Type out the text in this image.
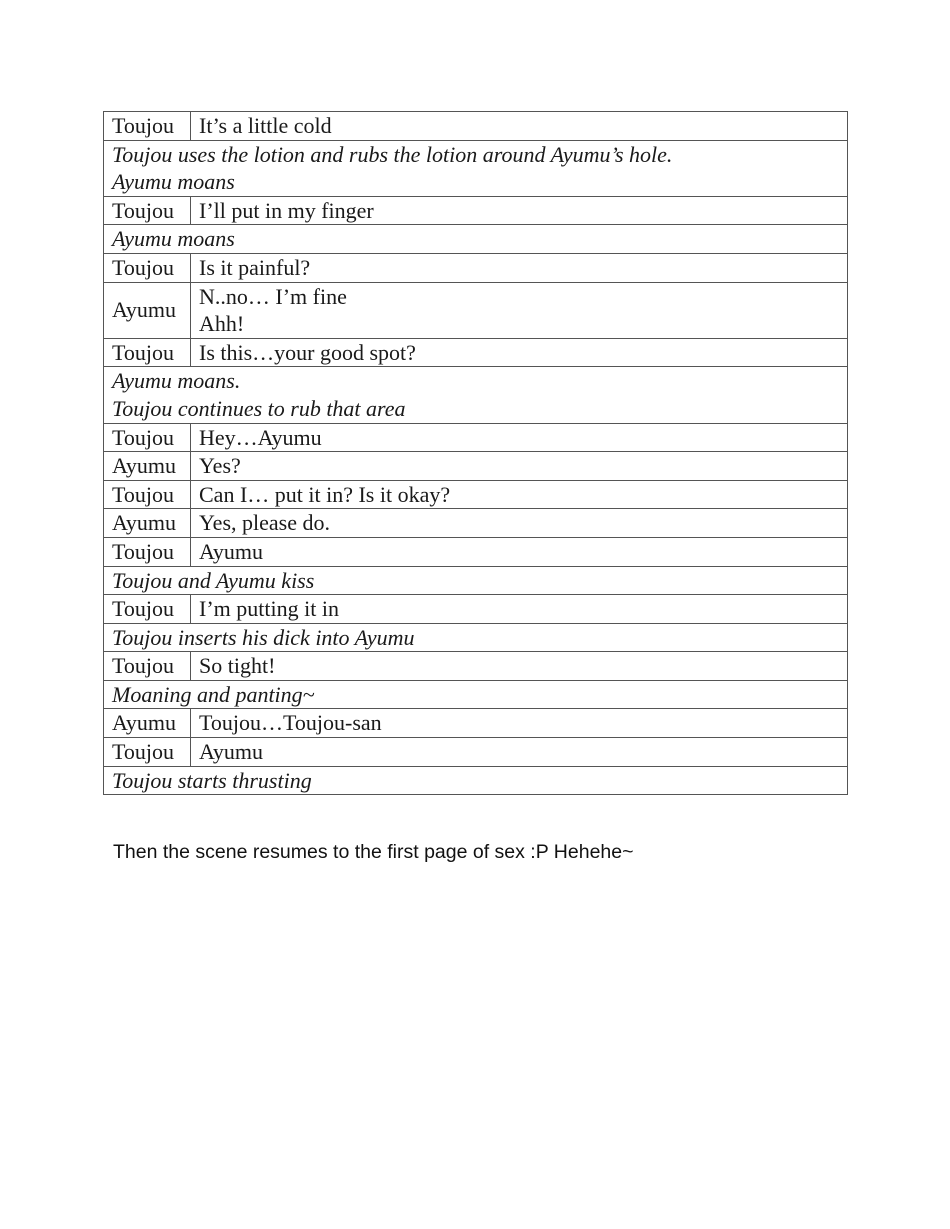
Toujou	It’s a little cold

Toujou uses the lotion and rubs the lotion around Ayumu’s hole.
Ayumu moans	

Toujou	I’ll put in my finger

Ayumu moans	

Toujou	Is it painful?

Ayumu	N..no… I’m fine
Ahh!

Toujou	Is this…your good spot?

Ayumu moans.
Toujou continues to rub that area	

Toujou	Hey…Ayumu

Ayumu	Yes?

Toujou	Can I… put it in? Is it okay?

Ayumu	Yes, please do.

Toujou	Ayumu

Toujou and Ayumu kiss	

Toujou	I’m putting it in

Toujou inserts his dick into Ayumu	

Toujou	So tight!

Moaning and panting~	

Ayumu	Toujou…Toujou-san

Toujou	Ayumu

Toujou starts thrusting	

Then the scene resumes to the first page of sex :P Hehehe~
